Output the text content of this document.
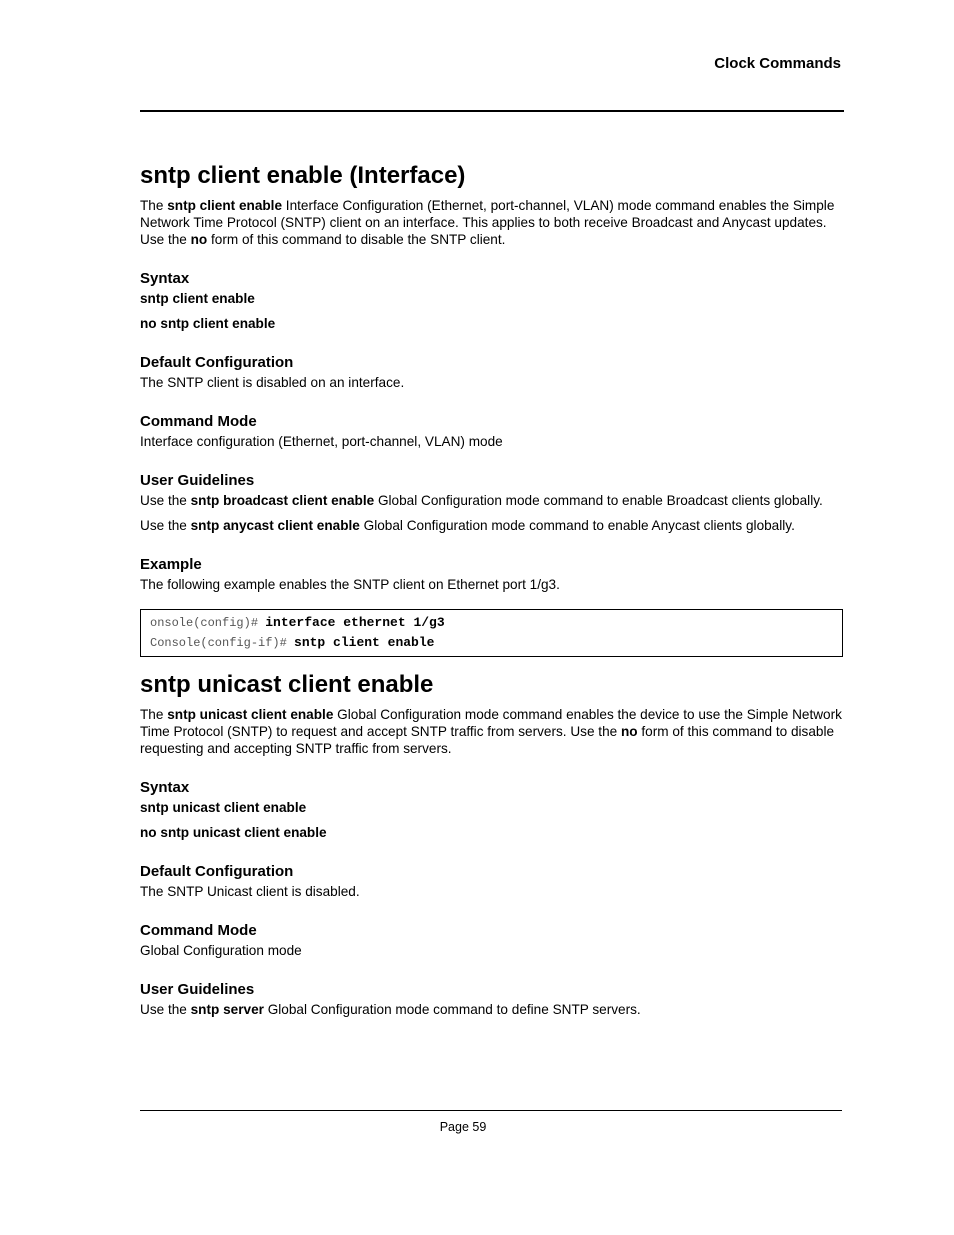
Clock Commands
sntp client enable (Interface)

The sntp client enable Interface Configuration (Ethernet, port-channel, VLAN) mode command enables the Simple Network Time Protocol (SNTP) client on an interface. This applies to both receive Broadcast and Anycast updates. Use the no form of this command to disable the SNTP client.

Syntax
sntp client enable
no sntp client enable
Default Configuration

The SNTP client is disabled on an interface.

Command Mode

Interface configuration (Ethernet, port-channel, VLAN) mode

User Guidelines

Use the sntp broadcast client enable Global Configuration mode command to enable Broadcast clients globally.

Use the sntp anycast client enable Global Configuration mode command to enable Anycast clients globally.

Example

The following example enables the SNTP client on Ethernet port 1/g3.

onsole(config)# interface ethernet 1/g3
Console(config-if)# sntp client enable
sntp unicast client enable

The sntp unicast client enable Global Configuration mode command enables the device to use the Simple Network Time Protocol (SNTP) to request and accept SNTP traffic from servers. Use the no form of this command to disable requesting and accepting SNTP traffic from servers.

Syntax
sntp unicast client enable
no sntp unicast client enable
Default Configuration

The SNTP Unicast client is disabled.

Command Mode

Global Configuration mode

User Guidelines

Use the sntp server Global Configuration mode command to define SNTP servers.

Page 59
